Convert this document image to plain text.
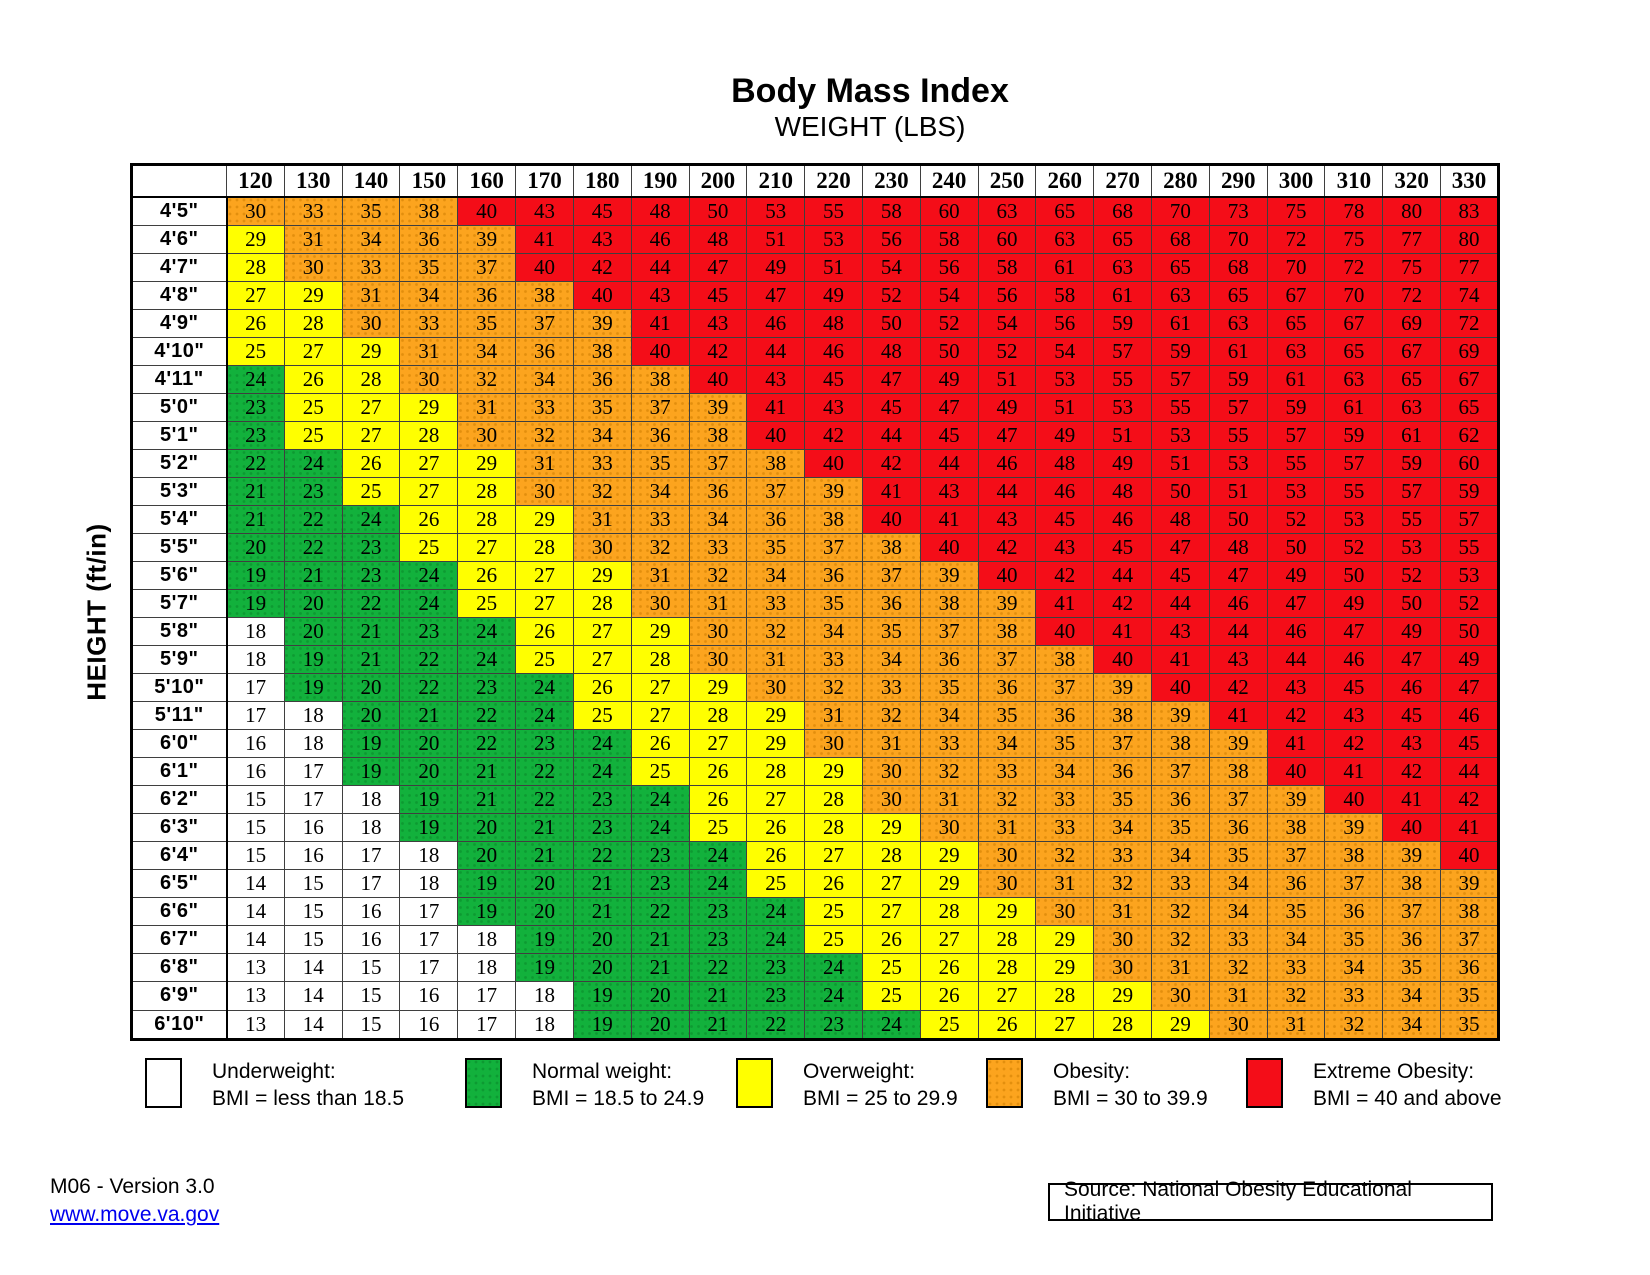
Body Mass Index
WEIGHT (LBS)
HEIGHT (ft/in)
	120	130	140	150	160	170	180	190	200	210	220	230	240	250	260	270	280	290	300	310	320	330
4'5"	30	33	35	38	40	43	45	48	50	53	55	58	60	63	65	68	70	73	75	78	80	83
4'6"	29	31	34	36	39	41	43	46	48	51	53	56	58	60	63	65	68	70	72	75	77	80
4'7"	28	30	33	35	37	40	42	44	47	49	51	54	56	58	61	63	65	68	70	72	75	77
4'8"	27	29	31	34	36	38	40	43	45	47	49	52	54	56	58	61	63	65	67	70	72	74
4'9"	26	28	30	33	35	37	39	41	43	46	48	50	52	54	56	59	61	63	65	67	69	72
4'10"	25	27	29	31	34	36	38	40	42	44	46	48	50	52	54	57	59	61	63	65	67	69
4'11"	24	26	28	30	32	34	36	38	40	43	45	47	49	51	53	55	57	59	61	63	65	67
5'0"	23	25	27	29	31	33	35	37	39	41	43	45	47	49	51	53	55	57	59	61	63	65
5'1"	23	25	27	28	30	32	34	36	38	40	42	44	45	47	49	51	53	55	57	59	61	62
5'2"	22	24	26	27	29	31	33	35	37	38	40	42	44	46	48	49	51	53	55	57	59	60
5'3"	21	23	25	27	28	30	32	34	36	37	39	41	43	44	46	48	50	51	53	55	57	59
5'4"	21	22	24	26	28	29	31	33	34	36	38	40	41	43	45	46	48	50	52	53	55	57
5'5"	20	22	23	25	27	28	30	32	33	35	37	38	40	42	43	45	47	48	50	52	53	55
5'6"	19	21	23	24	26	27	29	31	32	34	36	37	39	40	42	44	45	47	49	50	52	53
5'7"	19	20	22	24	25	27	28	30	31	33	35	36	38	39	41	42	44	46	47	49	50	52
5'8"	18	20	21	23	24	26	27	29	30	32	34	35	37	38	40	41	43	44	46	47	49	50
5'9"	18	19	21	22	24	25	27	28	30	31	33	34	36	37	38	40	41	43	44	46	47	49
5'10"	17	19	20	22	23	24	26	27	29	30	32	33	35	36	37	39	40	42	43	45	46	47
5'11"	17	18	20	21	22	24	25	27	28	29	31	32	34	35	36	38	39	41	42	43	45	46
6'0"	16	18	19	20	22	23	24	26	27	29	30	31	33	34	35	37	38	39	41	42	43	45
6'1"	16	17	19	20	21	22	24	25	26	28	29	30	32	33	34	36	37	38	40	41	42	44
6'2"	15	17	18	19	21	22	23	24	26	27	28	30	31	32	33	35	36	37	39	40	41	42
6'3"	15	16	18	19	20	21	23	24	25	26	28	29	30	31	33	34	35	36	38	39	40	41
6'4"	15	16	17	18	20	21	22	23	24	26	27	28	29	30	32	33	34	35	37	38	39	40
6'5"	14	15	17	18	19	20	21	23	24	25	26	27	29	30	31	32	33	34	36	37	38	39
6'6"	14	15	16	17	19	20	21	22	23	24	25	27	28	29	30	31	32	34	35	36	37	38
6'7"	14	15	16	17	18	19	20	21	23	24	25	26	27	28	29	30	32	33	34	35	36	37
6'8"	13	14	15	17	18	19	20	21	22	23	24	25	26	28	29	30	31	32	33	34	35	36
6'9"	13	14	15	16	17	18	19	20	21	23	24	25	26	27	28	29	30	31	32	33	34	35
6'10"	13	14	15	16	17	18	19	20	21	22	23	24	25	26	27	28	29	30	31	32	34	35
Underweight:
BMI = less than 18.5
Normal weight:
BMI = 18.5 to 24.9
Overweight:
BMI = 25 to 29.9
Obesity:
BMI = 30 to 39.9
Extreme Obesity:
BMI = 40 and above
M06 - Version 3.0
www.move.va.gov
Source: National Obesity Educational Initiative
